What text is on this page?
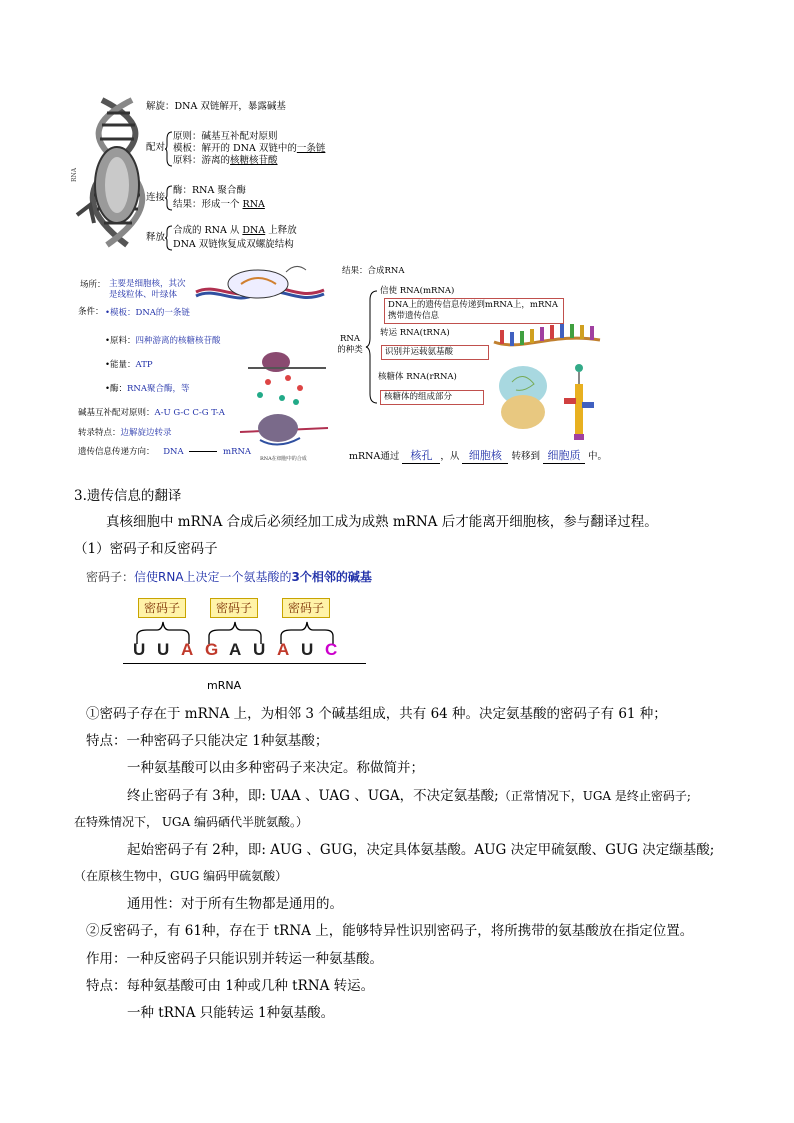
RNA
解旋：DNA 双链解开，暴露碱基
配对
原则：碱基互补配对原则
模板：解开的 DNA 双链中的一条链
原料：游离的核糖核苷酸
连接
酶：RNA 聚合酶
结果：形成一个 RNA
释放
合成的 RNA 从 DNA 上释放
DNA 双链恢复成双螺旋结构
场所： 主要是细胞核，其次是线粒体、叶绿体
条件： •模板：DNA的一条链
•原料：四种游离的核糖核苷酸
•能量：ATP
•酶：RNA聚合酶，等
碱基互补配对原则：A-U G-C C-G T-A
转录特点：边解旋边转录
遗传信息传递方向： DNA	mRNA
RNA在细胞中的合成
结果：合成RNA
RNA的种类
信使 RNA(mRNA)
DNA上的遗传信息传递到mRNA上，mRNA携带遗传信息
转运 RNA(tRNA)
识别并运载氨基酸
核糖体 RNA(rRNA)
核糖体的组成部分
mRNA通过 核孔 ，从 细胞核 转移到 细胞质 中。
3.遗传信息的翻译
真核细胞中 mRNA 合成后必须经加工成为成熟 mRNA 后才能离开细胞核，参与翻译过程。
（1）密码子和反密码子
密码子：信使RNA上决定一个氨基酸的3个相邻的碱基
密码子	密码子	密码子
U U A G A U A U C
mRNA
①密码子存在于 mRNA 上，为相邻 3 个碱基组成，共有 64 种。决定氨基酸的密码子有 61 种；
特点：一种密码子只能决定 1种氨基酸；
一种氨基酸可以由多种密码子来决定。称做简并；
终止密码子有 3种，即: UAA 、UAG 、UGA，不决定氨基酸;（正常情况下，UGA 是终止密码子;
在特殊情况下， UGA 编码硒代半胱氨酸。）
起始密码子有 2种，即: AUG 、GUG，决定具体氨基酸。AUG 决定甲硫氨酸、GUG 决定缬基酸;
（在原核生物中，GUG 编码甲硫氨酸）
通用性：对于所有生物都是通用的。
②反密码子，有 61种，存在于 tRNA 上，能够特异性识别密码子，将所携带的氨基酸放在指定位置。
作用：一种反密码子只能识别并转运一种氨基酸。
特点：每种氨基酸可由 1种或几种 tRNA 转运。
一种 tRNA 只能转运 1种氨基酸。
